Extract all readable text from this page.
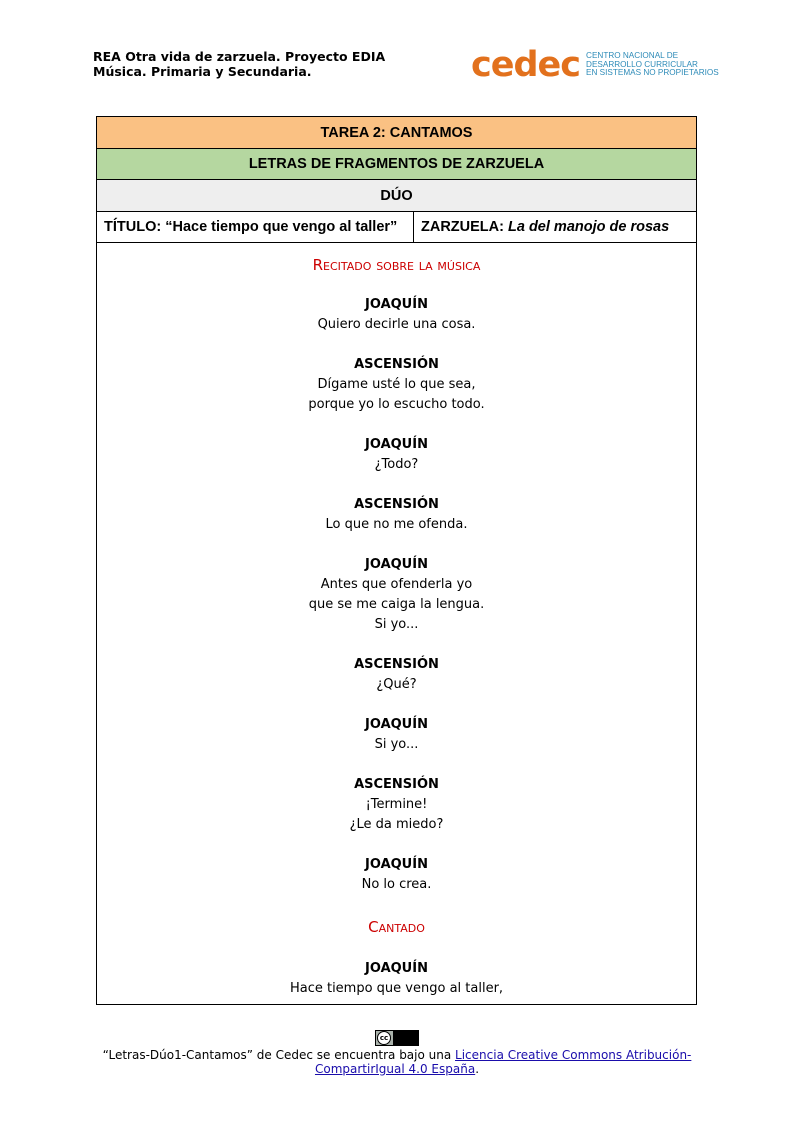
REA Otra vida de zarzuela. Proyecto EDIA
Música. Primaria y Secundaria.	cedec CENTRO NACIONAL DE
DESARROLLO CURRICULAR
EN SISTEMAS NO PROPIETARIOS
TAREA 2: CANTAMOS
LETRAS DE FRAGMENTOS DE ZARZUELA
DÚO
TÍTULO: “Hace tiempo que vengo al taller”	ZARZUELA: La del manojo de rosas

Recitado sobre la música
JOAQUÍN
Quiero decirle una cosa.
ASCENSIÓN
Dígame usté lo que sea,
porque yo lo escucho todo.
JOAQUÍN
¿Todo?
ASCENSIÓN
Lo que no me ofenda.
JOAQUÍN
Antes que ofenderla yo
que se me caiga la lengua.
Si yo...
ASCENSIÓN
¿Qué?
JOAQUÍN
Si yo...
ASCENSIÓN
¡Termine!
¿Le da miedo?
JOAQUÍN
No lo crea.
Cantado
JOAQUÍN
Hace tiempo que vengo al taller,
cc
“Letras-Dúo1-Cantamos” de Cedec se encuentra bajo una Licencia Creative Commons Atribución-
CompartirIgual 4.0 España.
